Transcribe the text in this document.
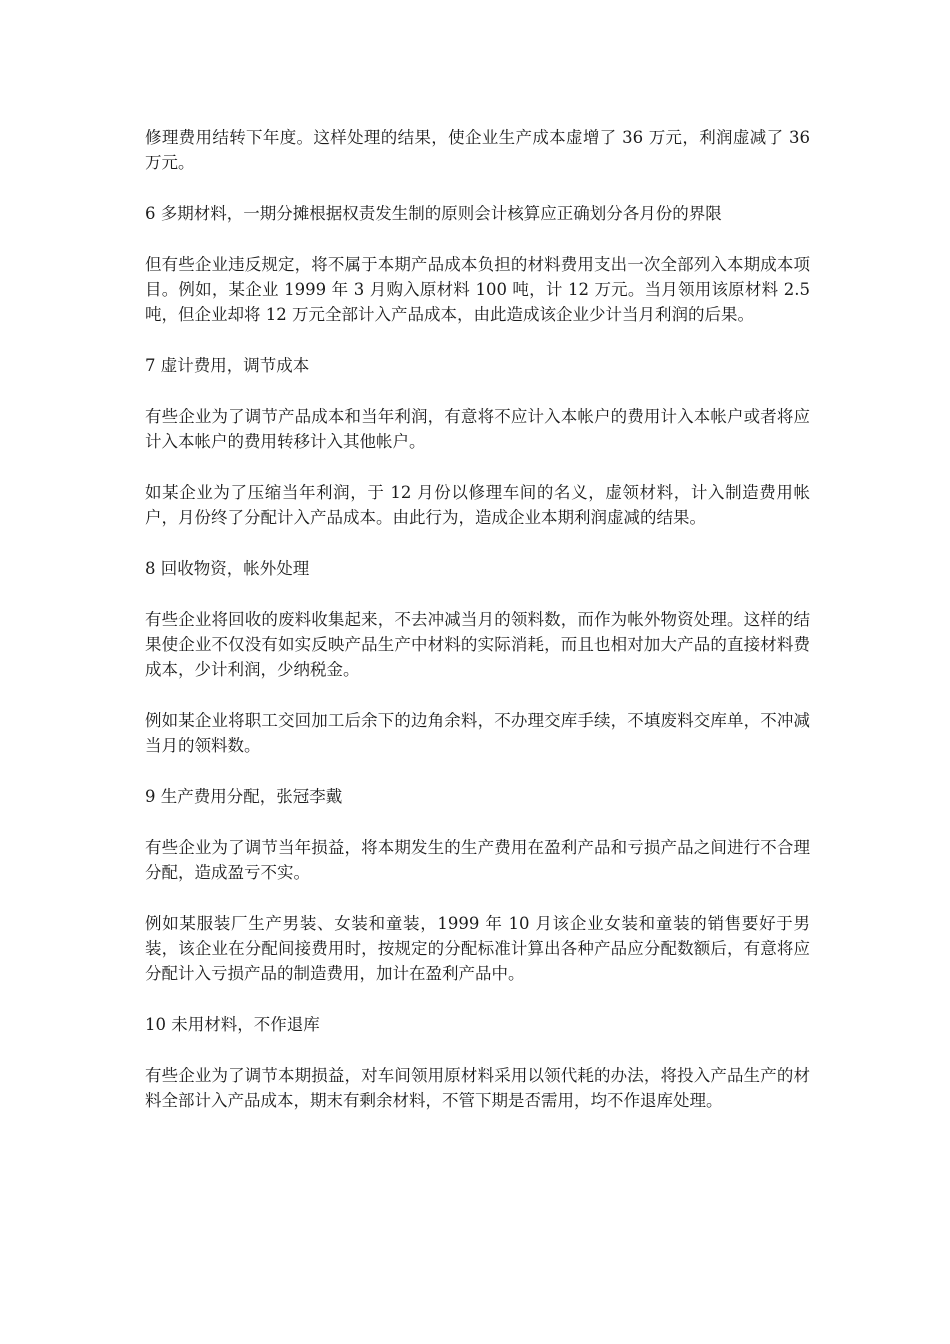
修理费用结转下年度。这样处理的结果，使企业生产成本虚增了 36 万元，利润虚减了 36 万元。

6 多期材料，一期分摊根据权责发生制的原则会计核算应正确划分各月份的界限

但有些企业违反规定，将不属于本期产品成本负担的材料费用支出一次全部列入本期成本项目。例如，某企业 1999 年 3 月购入原材料 100 吨，计 12 万元。当月领用该原材料 2.5 吨，但企业却将 12 万元全部计入产品成本，由此造成该企业少计当月利润的后果。

7 虚计费用，调节成本

有些企业为了调节产品成本和当年利润，有意将不应计入本帐户的费用计入本帐户或者将应计入本帐户的费用转移计入其他帐户。

如某企业为了压缩当年利润，于 12 月份以修理车间的名义，虚领材料，计入制造费用帐户，月份终了分配计入产品成本。由此行为，造成企业本期利润虚减的结果。

8 回收物资，帐外处理

有些企业将回收的废料收集起来，不去冲减当月的领料数，而作为帐外物资处理。这样的结果使企业不仅没有如实反映产品生产中材料的实际消耗，而且也相对加大产品的直接材料费成本，少计利润，少纳税金。

例如某企业将职工交回加工后余下的边角余料，不办理交库手续，不填废料交库单，不冲减当月的领料数。

9 生产费用分配，张冠李戴

有些企业为了调节当年损益，将本期发生的生产费用在盈利产品和亏损产品之间进行不合理分配，造成盈亏不实。

例如某服装厂生产男装、女装和童装，1999 年 10 月该企业女装和童装的销售要好于男装，该企业在分配间接费用时，按规定的分配标准计算出各种产品应分配数额后，有意将应分配计入亏损产品的制造费用，加计在盈利产品中。

10 未用材料，不作退库

有些企业为了调节本期损益，对车间领用原材料采用以领代耗的办法，将投入产品生产的材料全部计入产品成本，期末有剩余材料，不管下期是否需用，均不作退库处理。
